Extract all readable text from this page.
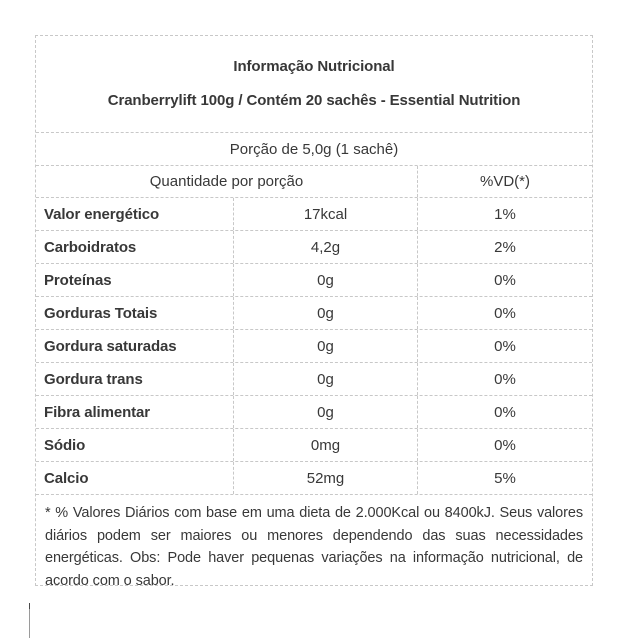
Informação Nutricional
Cranberrylift 100g / Contém 20 sachês - Essential Nutrition
Porção de 5,0g (1 sachê)
Quantidade por porção	%VD(*)
Valor energético	17kcal	1%
Carboidratos	4,2g	2%
Proteínas	0g	0%
Gorduras Totais	0g	0%
Gordura saturadas	0g	0%
Gordura trans	0g	0%
Fibra alimentar	0g	0%
Sódio	0mg	0%
Calcio	52mg	5%
* % Valores Diários com base em uma dieta de 2.000Kcal ou 8400kJ. Seus valores diários podem ser maiores ou menores dependendo das suas necessidades energéticas. Obs: Pode haver pequenas variações na informação nutricional, de acordo com o sabor.
